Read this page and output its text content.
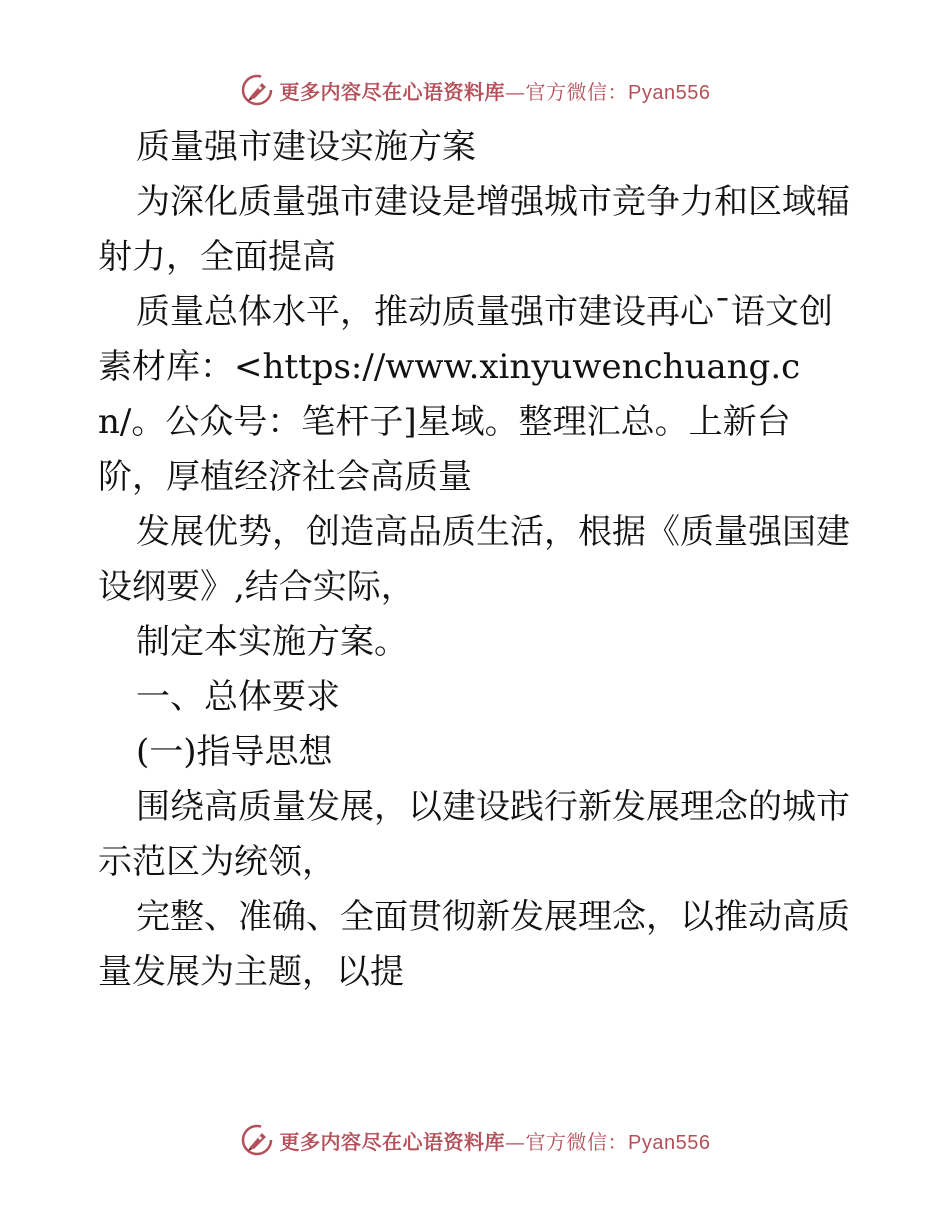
更多内容尽在心语资料库—官方微信：Pyan556

质量强市建设实施方案

为深化质量强市建设是增强城市竞争力和区域辐射力，全面提高

质量总体水平，推动质量强市建设再心¯语文创素材库：<https://www.xinyuwenchuang.cn/。公众号：笔杆子]星域。整理汇总。上新台阶，厚植经济社会高质量

发展优势，创造高品质生活，根据《质量强国建设纲要》,结合实际，

制定本实施方案。

一、总体要求

(一)指导思想

围绕高质量发展，以建设践行新发展理念的城市示范区为统领，

完整、准确、全面贯彻新发展理念，以推动高质量发展为主题，以提

更多内容尽在心语资料库—官方微信：Pyan556
